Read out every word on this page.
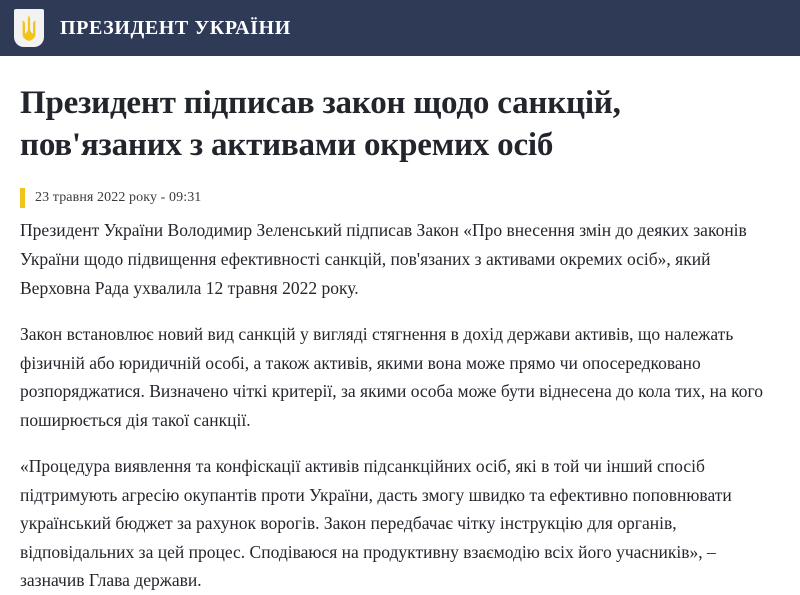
ПРЕЗИДЕНТ УКРАЇНИ
Президент підписав закон щодо санкцій, пов'язаних з активами окремих осіб
23 травня 2022 року - 09:31

Президент України Володимир Зеленський підписав Закон «Про внесення змін до деяких законів України щодо підвищення ефективності санкцій, пов'язаних з активами окремих осіб», який Верховна Рада ухвалила 12 травня 2022 року.

Закон встановлює новий вид санкцій у вигляді стягнення в дохід держави активів, що належать фізичній або юридичній особі, а також активів, якими вона може прямо чи опосередковано розпоряджатися. Визначено чіткі критерії, за якими особа може бути віднесена до кола тих, на кого поширюється дія такої санкції.

«Процедура виявлення та конфіскації активів підсанкційних осіб, які в той чи інший спосіб підтримують агресію окупантів проти України, дасть змогу швидко та ефективно поповнювати український бюджет за рахунок ворогів. Закон передбачає чітку інструкцію для органів, відповідальних за цей процес. Сподіваюся на продуктивну взаємодію всіх його учасників», – зазначив Глава держави.
